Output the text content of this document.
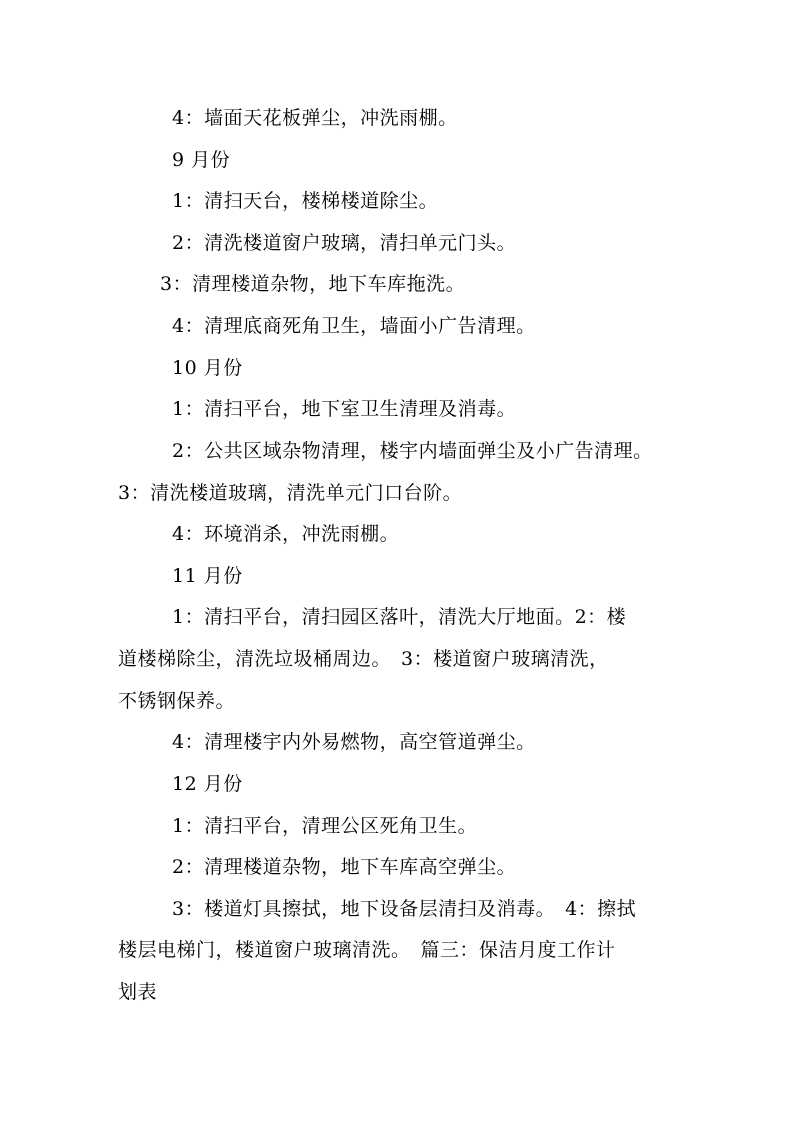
4：墙面天花板弹尘，冲洗雨棚。
9 月份
1：清扫天台，楼梯楼道除尘。
2：清洗楼道窗户玻璃，清扫单元门头。
3：清理楼道杂物，地下车库拖洗。
4：清理底商死角卫生，墙面小广告清理。
10 月份
1：清扫平台，地下室卫生清理及消毒。
2：公共区域杂物清理，楼宇内墙面弹尘及小广告清理。
3：清洗楼道玻璃，清洗单元门口台阶。
4：环境消杀，冲洗雨棚。
11 月份
1：清扫平台，清扫园区落叶，清洗大厅地面。2：楼
道楼梯除尘，清洗垃圾桶周边。　3：楼道窗户玻璃清洗，
不锈钢保养。
4：清理楼宇内外易燃物，高空管道弹尘。
12 月份
1：清扫平台，清理公区死角卫生。
2：清理楼道杂物，地下车库高空弹尘。
3：楼道灯具擦拭，地下设备层清扫及消毒。　4：擦拭
楼层电梯门，楼道窗户玻璃清洗。　篇三：保洁月度工作计
划表
